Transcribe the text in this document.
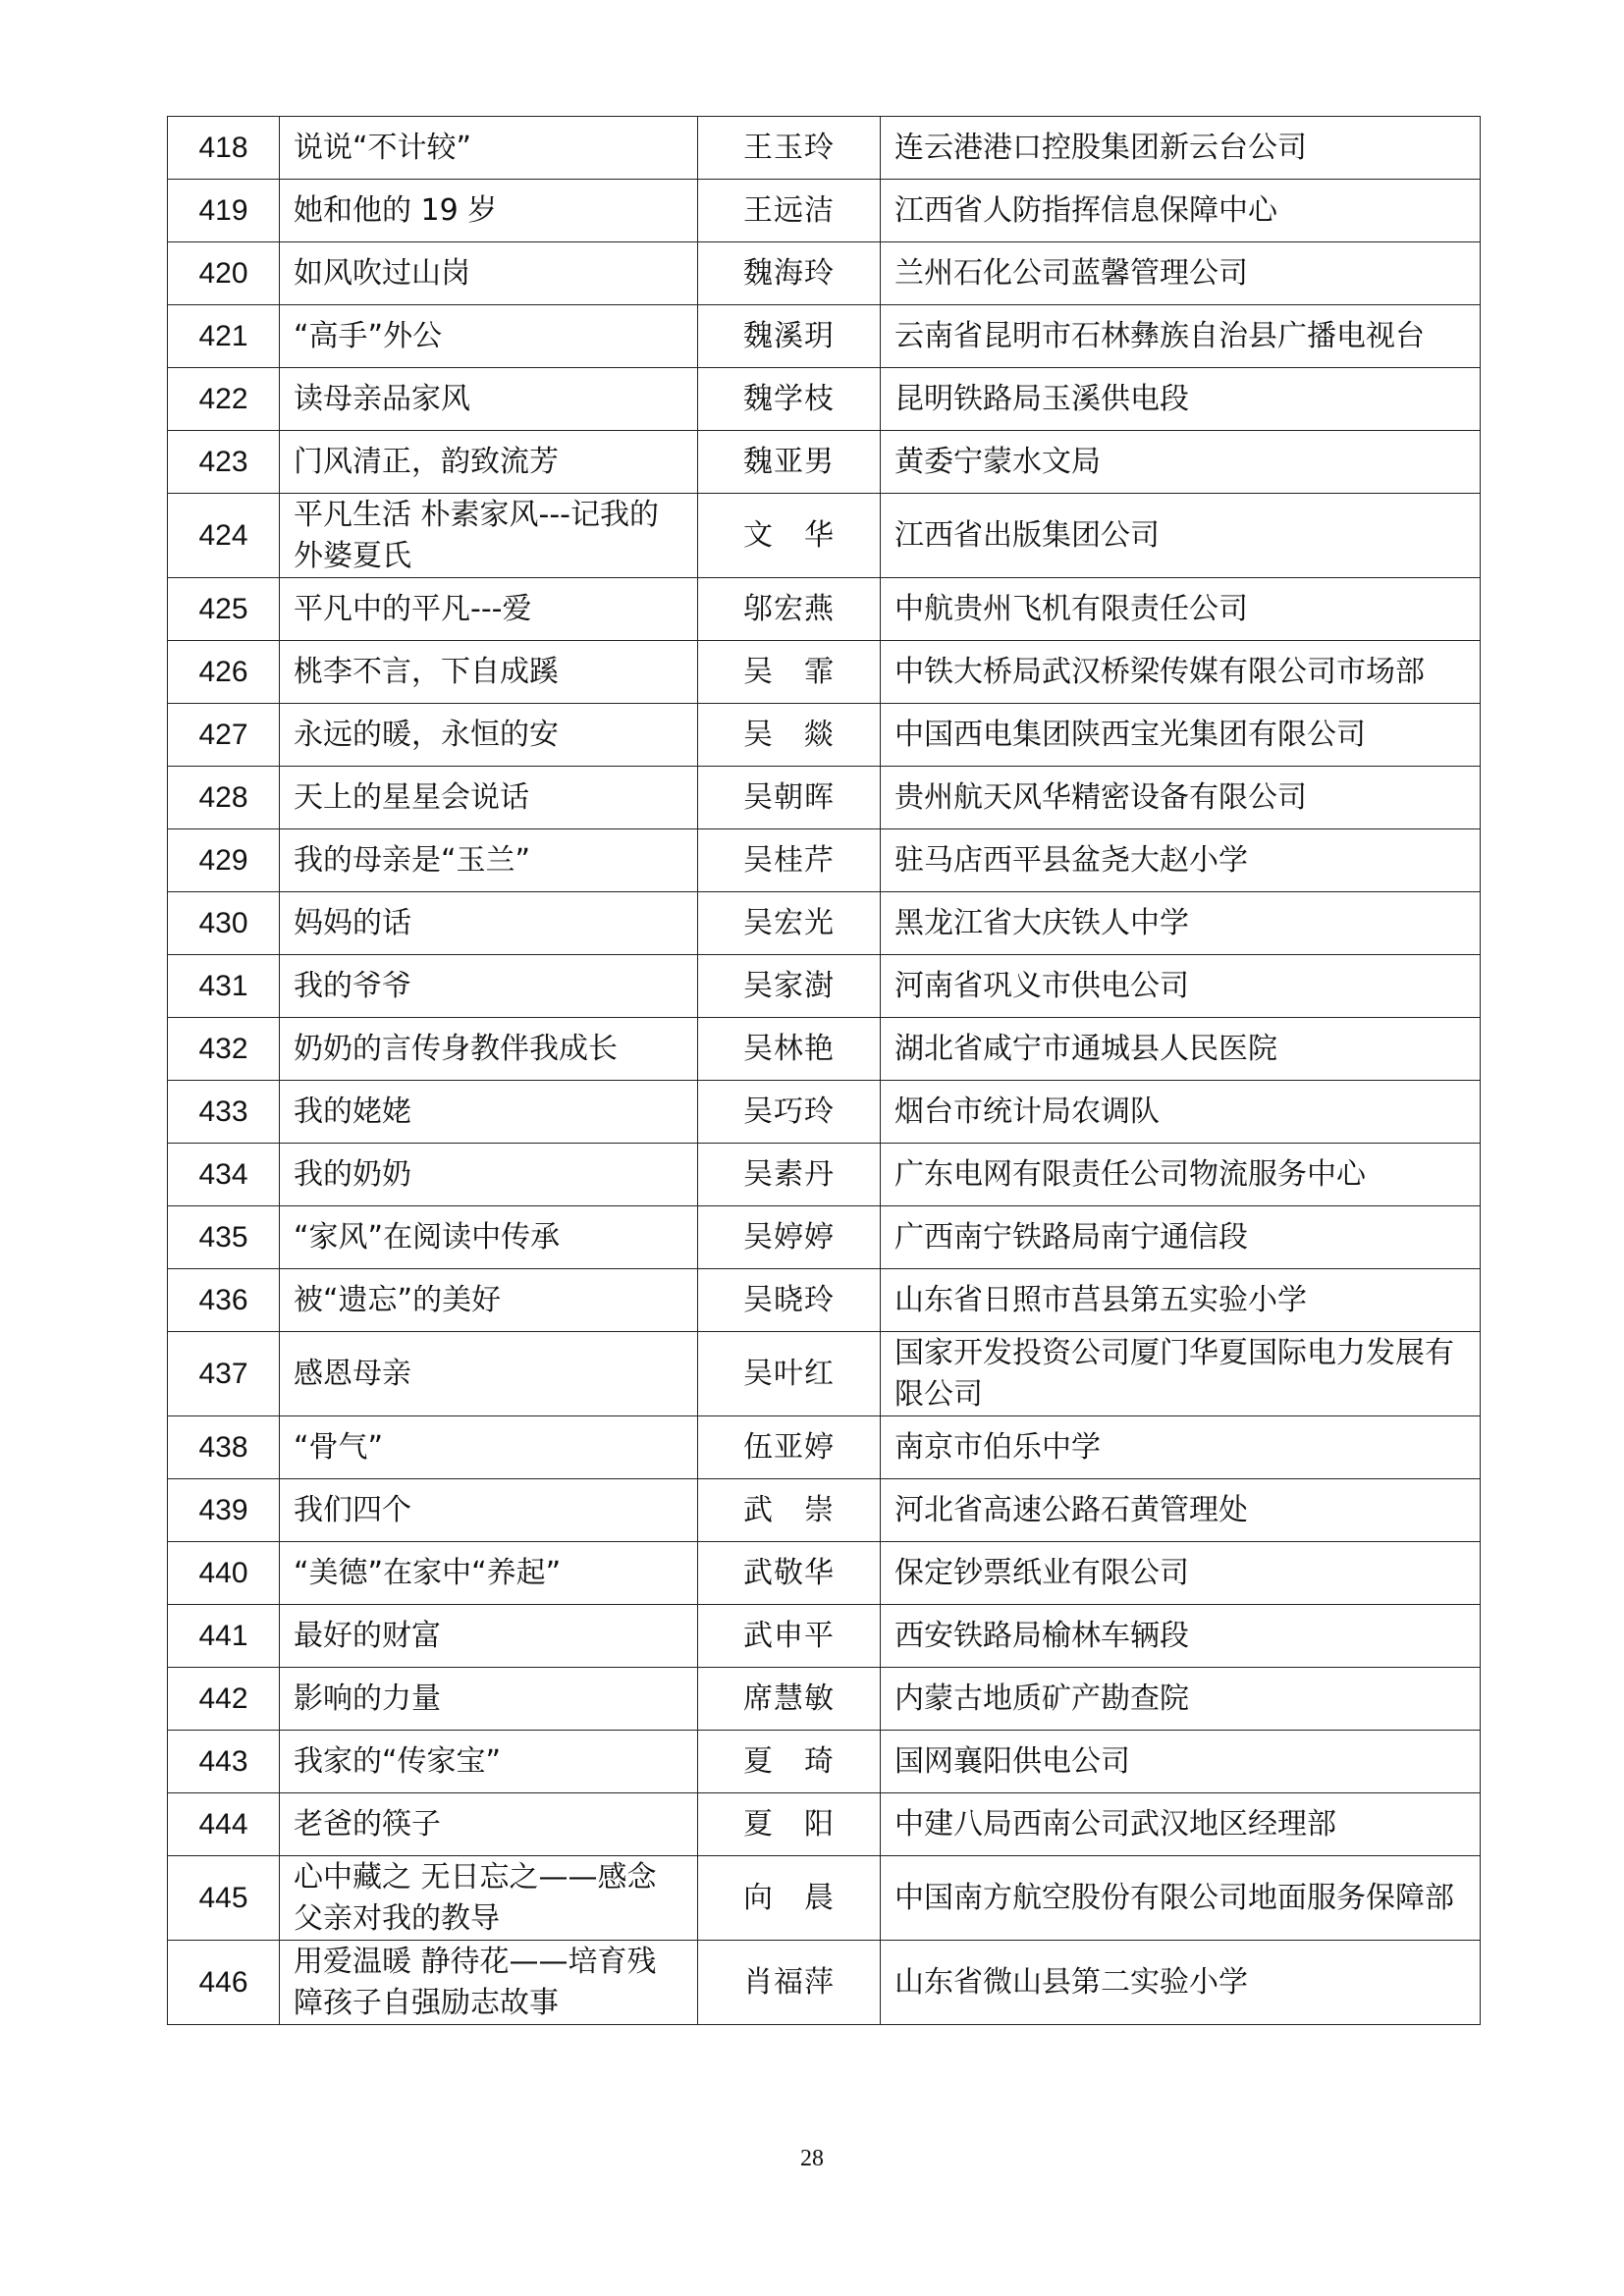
418	说说“不计较”	王玉玲	连云港港口控股集团新云台公司
419	她和他的 19 岁	王远洁	江西省人防指挥信息保障中心
420	如风吹过山岗	魏海玲	兰州石化公司蓝馨管理公司
421	“高手”外公	魏溪玥	云南省昆明市石林彝族自治县广播电视台
422	读母亲品家风	魏学枝	昆明铁路局玉溪供电段
423	门风清正，韵致流芳	魏亚男	黄委宁蒙水文局
424	平凡生活 朴素家风---记我的外婆夏氏	文　华	江西省出版集团公司
425	平凡中的平凡---爱	邬宏燕	中航贵州飞机有限责任公司
426	桃李不言，下自成蹊	吴　霏	中铁大桥局武汉桥梁传媒有限公司市场部
427	永远的暖，永恒的安	吴　燚	中国西电集团陕西宝光集团有限公司
428	天上的星星会说话	吴朝晖	贵州航天风华精密设备有限公司
429	我的母亲是“玉兰”	吴桂芹	驻马店西平县盆尧大赵小学
430	妈妈的话	吴宏光	黑龙江省大庆铁人中学
431	我的爷爷	吴家澍	河南省巩义市供电公司
432	奶奶的言传身教伴我成长	吴林艳	湖北省咸宁市通城县人民医院
433	我的姥姥	吴巧玲	烟台市统计局农调队
434	我的奶奶	吴素丹	广东电网有限责任公司物流服务中心
435	“家风”在阅读中传承	吴婷婷	广西南宁铁路局南宁通信段
436	被“遗忘”的美好	吴晓玲	山东省日照市莒县第五实验小学
437	感恩母亲	吴叶红	国家开发投资公司厦门华夏国际电力发展有限公司
438	“骨气”	伍亚婷	南京市伯乐中学
439	我们四个	武　崇	河北省高速公路石黄管理处
440	“美德”在家中“养起”	武敬华	保定钞票纸业有限公司
441	最好的财富	武申平	西安铁路局榆林车辆段
442	影响的力量	席慧敏	内蒙古地质矿产勘查院
443	我家的“传家宝”	夏　琦	国网襄阳供电公司
444	老爸的筷子	夏　阳	中建八局西南公司武汉地区经理部
445	心中藏之 无日忘之——感念父亲对我的教导	向　晨	中国南方航空股份有限公司地面服务保障部
446	用爱温暖 静待花——培育残障孩子自强励志故事	肖福萍	山东省微山县第二实验小学
28
